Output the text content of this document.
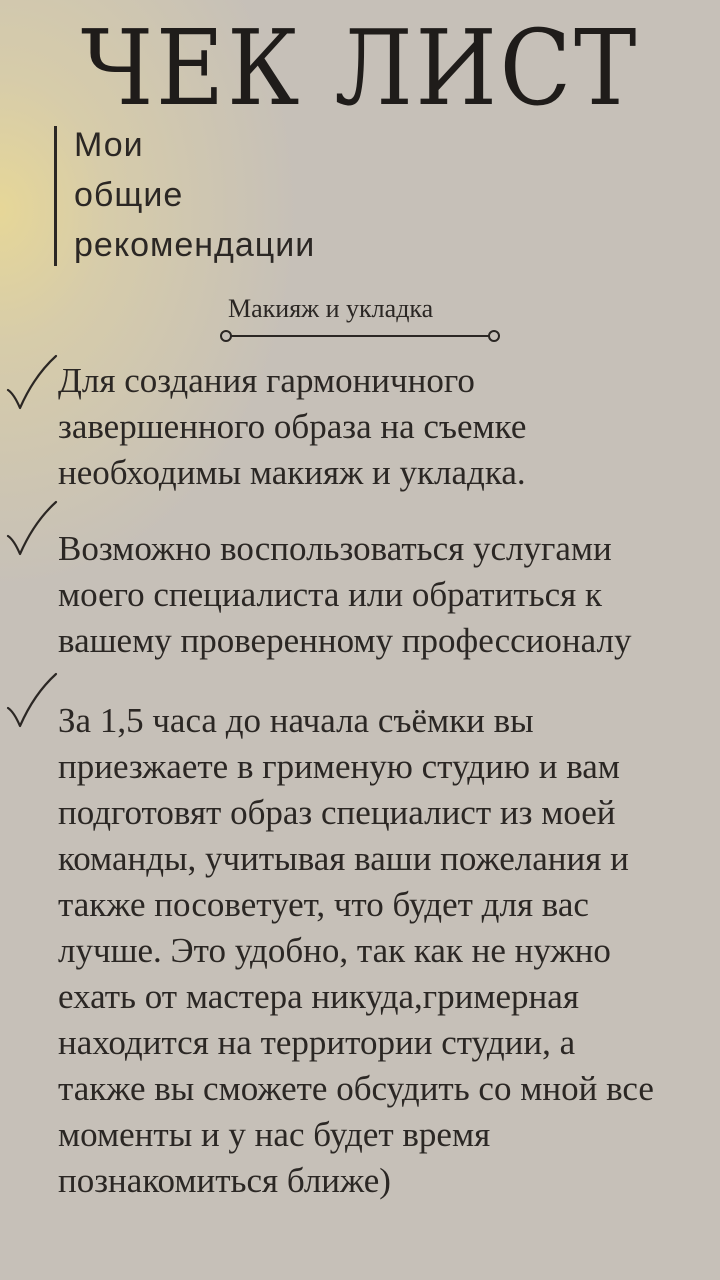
ЧЕК ЛИСТ
Мои
общие
рекомендации
Макияж и укладка
Для создания гармоничного
завершенного образа на съемке
необходимы макияж и укладка.
Возможно воспользоваться услугами
моего специалиста или обратиться к
вашему проверенному профессионалу
За 1,5 часа до начала съёмки вы
приезжаете в грименую студию и вам
подготовят образ специалист из моей
команды, учитывая ваши пожелания и
также посоветует, что будет для вас
лучше. Это удобно, так как не нужно
ехать от мастера никуда,гримерная
находится на территории студии, а
также вы сможете обсудить со мной все
моменты и у нас будет время
познакомиться ближе)
